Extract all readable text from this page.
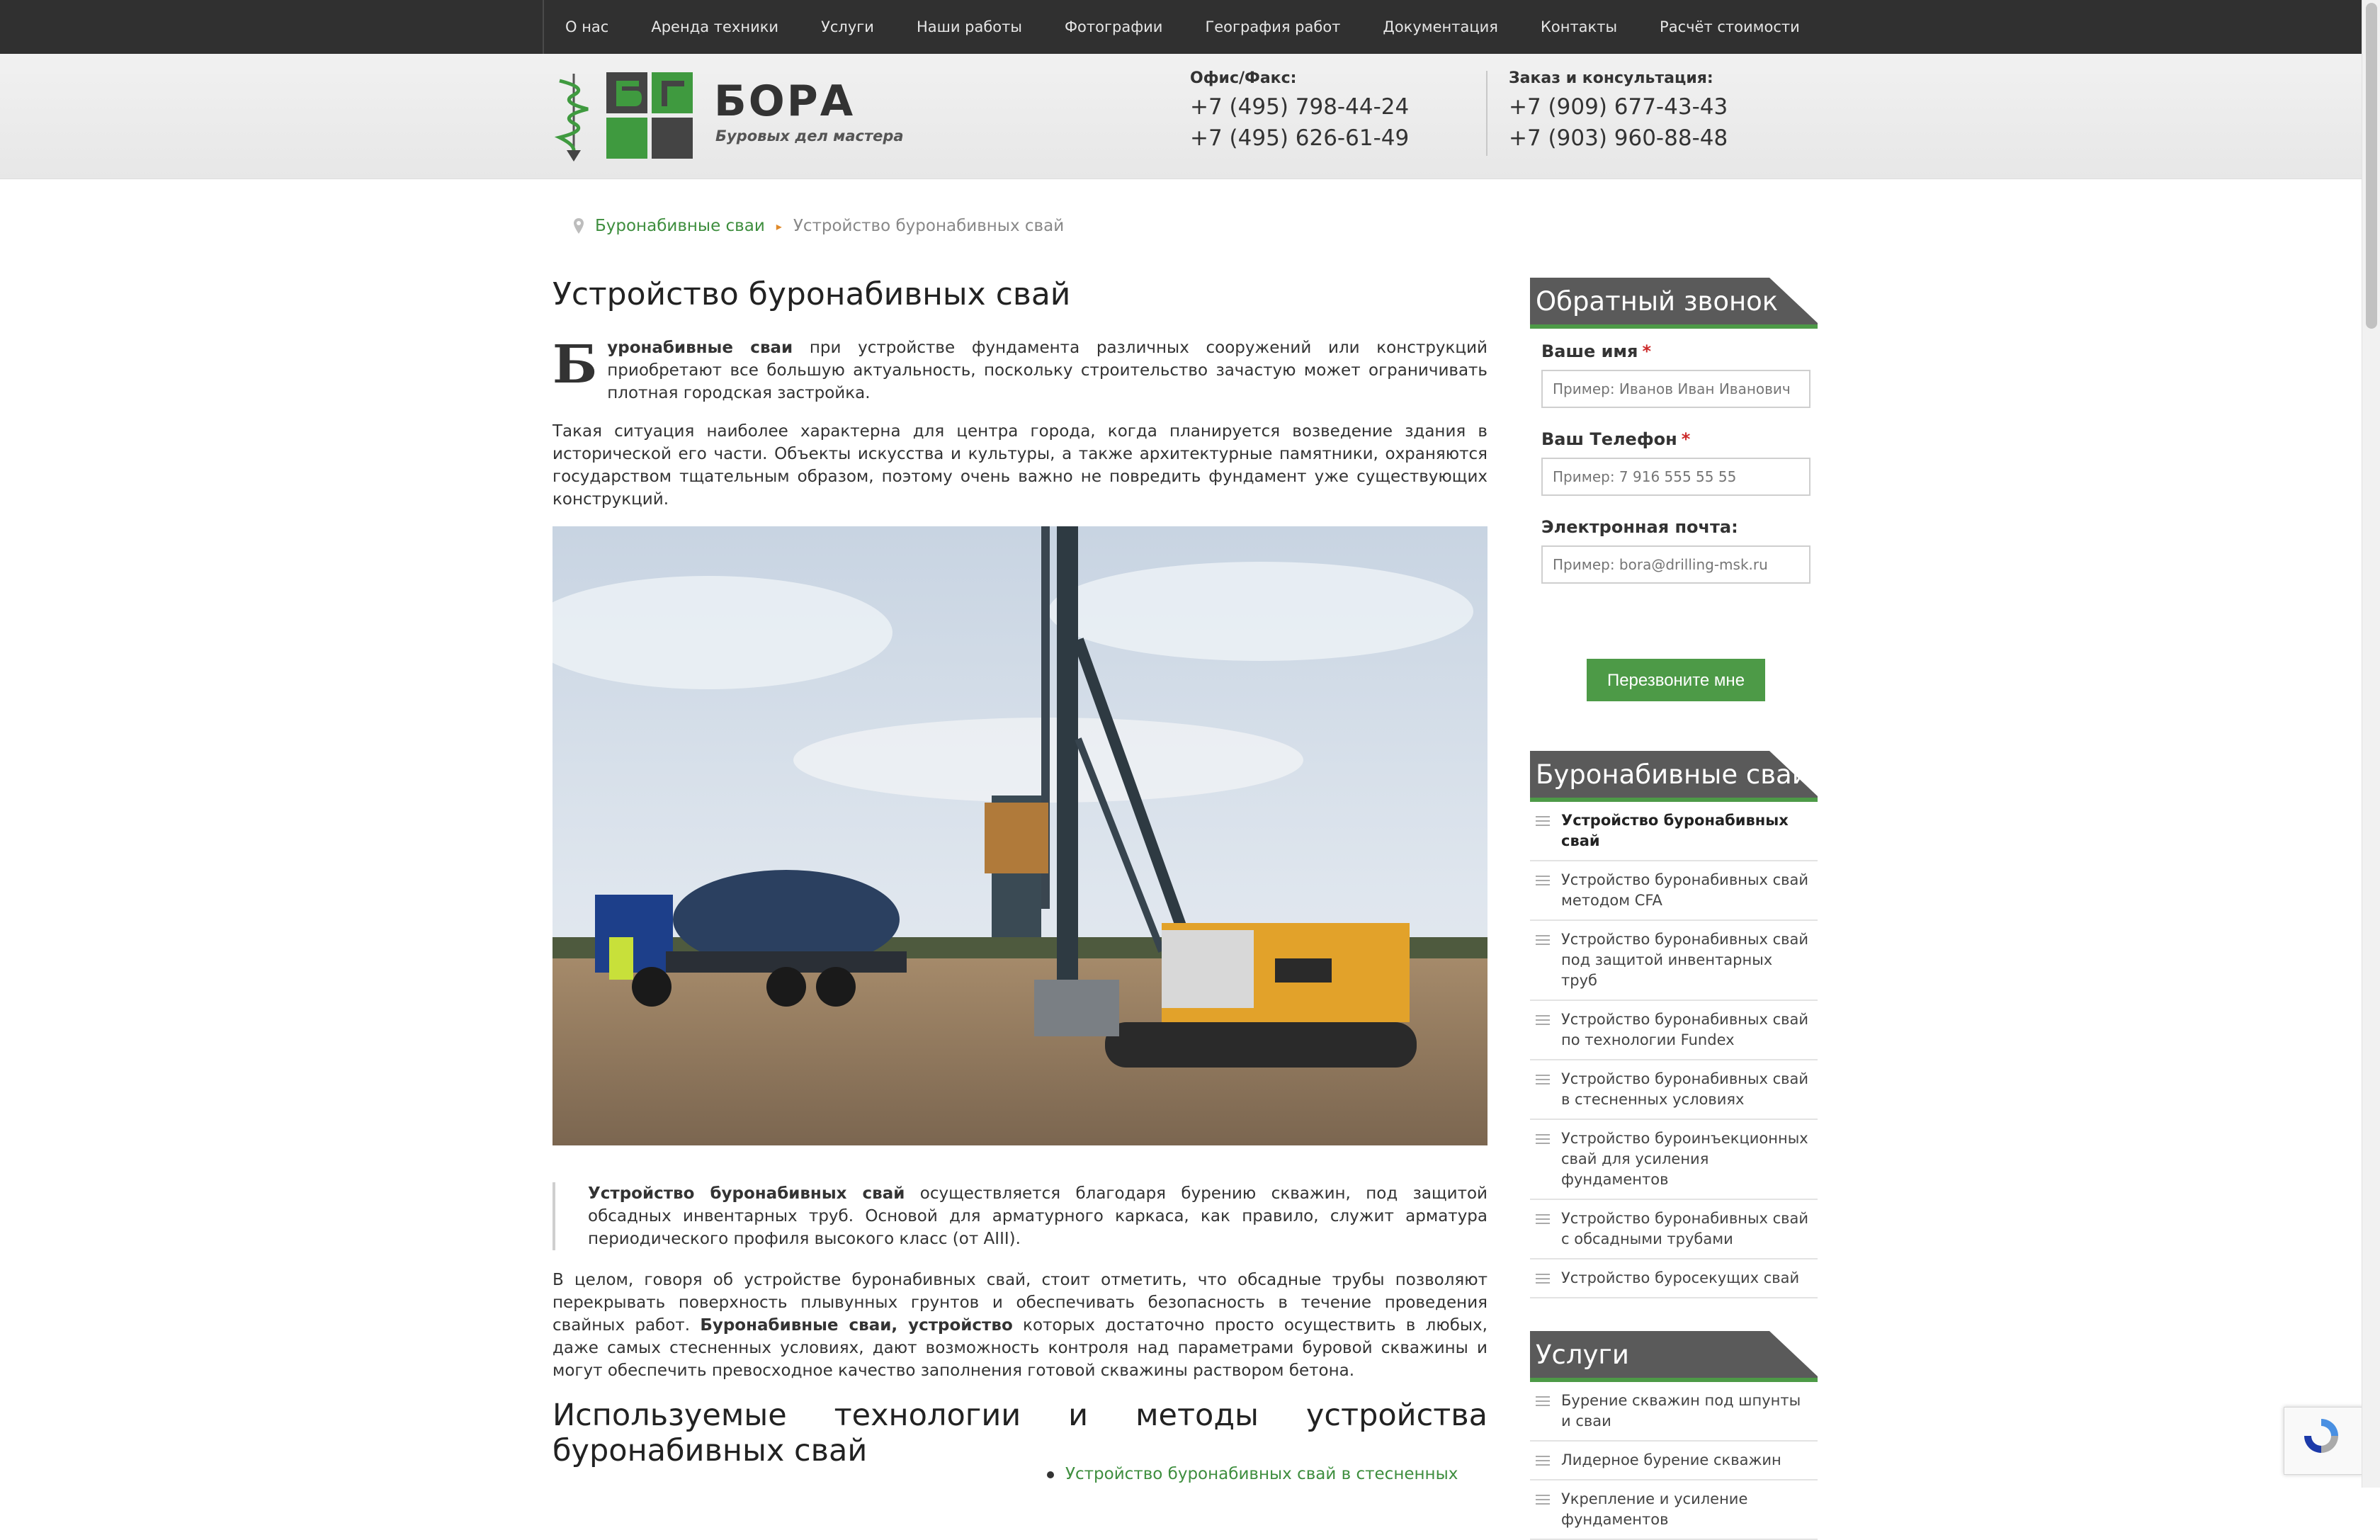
О нас	Аренда техники	Услуги	Наши работы	Фотографии	География работ	Документация	Контакты	Расчёт стоимости
БОРА
Буровых дел мастера
Офис/Факс:
+7 (495) 798-44-24
+7 (495) 626-61-49
Заказ и консультация:
+7 (909) 677-43-43
+7 (903) 960-88-48
Буронабивные сваи ▸ Устройство буронабивных свай
Устройство буронабивных свай

Буронабивные сваи при устройстве фундамента различных сооружений или конструкций приобретают все большую актуальность, поскольку строительство зачастую может ограничивать плотная городская застройка.

Такая ситуация наиболее характерна для центра города, когда планируется возведение здания в исторической его части. Объекты искусства и культуры, а также архитектурные памятники, охраняются государством тщательным образом, поэтому очень важно не повредить фундамент уже существующих конструкций.

Устройство буронабивных свай осуществляется благодаря бурению скважин, под защитой обсадных инвентарных труб. Основой для арматурного каркаса, как правило, служит арматура периодического профиля высокого класс (от AIII).

В целом, говоря об устройстве буронабивных свай, стоит отметить, что обсадные трубы позволяют перекрывать поверхность плывунных грунтов и обеспечивать безопасность в течение проведения свайных работ. Буронабивные сваи, устройство которых достаточно просто осуществить в любых, даже самых стесненных условиях, дают возможность контроля над параметрами буровой скважины и могут обеспечить превосходное качество заполнения готовой скважины раствором бетона.

Используемые технологии и методы устройства буронабивных свай
Устройство буронабивных свай в стесненных
Обратный звонок
Ваше имя *
Пример: Иванов Иван Иванович
Ваш Телефон *
Пример: 7 916 555 55 55
Электронная почта:
Пример: bora@drilling-msk.ru
Перезвоните мне
Буронабивные сваи
Устройство буронабивных свай
Устройство буронабивных свай методом CFA
Устройство буронабивных свай под защитой инвентарных труб
Устройство буронабивных свай по технологии Fundex
Устройство буронабивных свай в стесненных условиях
Устройство буроинъекционных свай для усиления фундаментов
Устройство буронабивных свай с обсадными трубами
Устройство буросекущих свай
Услуги
Бурение скважин под шпунты и сваи
Лидерное бурение скважин
Укрепление и усиление фундаментов
